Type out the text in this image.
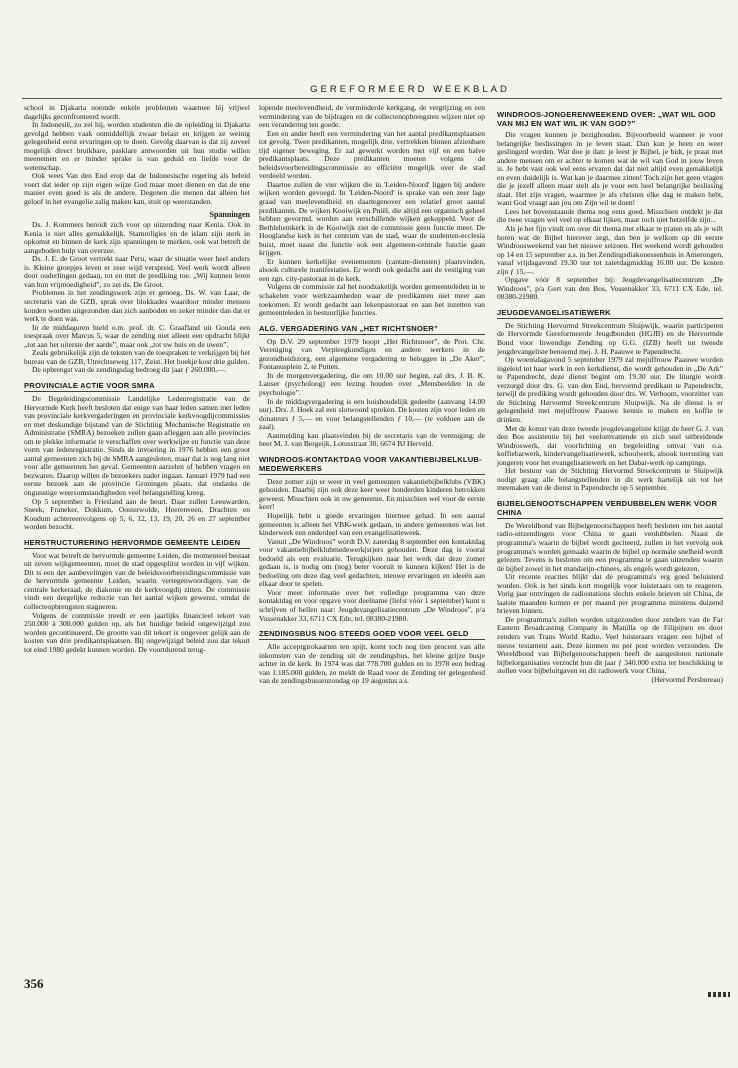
GEREFORMEERD WEEKBLAD

school in Djakarta noemde enkele problemen waarmee hij vrijwel dagelijks geconfronteerd wordt.

In Indonesië, zo zei hij, worden studenten die de opleiding in Djakarta gevolgd hebben vaak onmiddellijk zwaar belast en krijgen ze weinig gelegenheid eerst ervaringen op te doen. Gevolg daarvan is dat zij zoveel mogelijk direct bruikbare, pasklare antwoorden uit hun studie willen meenemen en er minder sprake is van geduld en liefde voor de wetenschap.

Ook wees Van den End erop dat de Indonesische regering als beleid voert dat ieder op zijn eigen wijze God maar moet dienen en dat de ene manier even goed is als de andere. Degenen die menen dat alleen het geloof in het evangelie zalig maken kan, stuit op weerstanden.

Spanningen

Ds. J. Kommers bereidt zich voor op uitzending naar Kenia. Ook in Kenia is niet alles gemakkelijk. Stamreligies en de islam zijn sterk in opkomst en binnen de kerk zijn spanningen te merken, ook wat betreft de aangeboden hulp van overzee.

Ds. J. E. de Groot vertrekt naar Peru, waar de situatie weer heel anders is. Kleine groepjes leven er zeer wijd verspreid. Veel werk wordt alleen door ouderlingen gedaan, tot en met de prediking toe. „Wij kunnen leren van hun vrijmoedigheid”, zo zei ds. De Groot.

Problemen in het zendingswerk zijn er genoeg. Ds. W. van Laar, de secretaris van de GZB, sprak over blokkades waardoor minder mensen konden worden uitgezonden dan zich aanboden en zeker minder dan dat er werk te doen was.

In de middaguren hield o.m. prof. dr. C. Graafland uit Gouda een toespraak over Marcus 5, waar de zending niet alleen een opdracht blijkt „tot aan het uiterste der aarde”, maar ook „tot uw huis en de uwen”.

Zeals gebruikelijk zijn de teksten van de toespraken te verkrijgen bij het bureau van de GZB, Utrechtseweg 117, Zeist. Het boekje kost drie gulden.

De opbrengst van de zendingsdag bedroeg dit jaar ƒ 260.000,—.

PROVINCIALE ACTIE VOOR SMRA

De Begeleidingscommissie Landelijke Ledenregistratie van de Hervormde Kerk heeft besloten dat enige van haar leden samen met leden van provinciale kerkvergaderingen en provinciale kerkvoogdijcommissies en met deskundige bijstand van de Stichting Mechanische Registratie en Administratie (SMRA) bezoeken zullen gaan afleggen aan alle provincies om te plekke informatie te verschaffen over werkwijze en functie van deze vorm van ledenregistratie. Sinds de invoering in 1976 hebben een groot aantal gemeenten zich bij de SMRA aangesloten, maar dat is nog lang niet voor alle gemeenten het geval. Gemeenten aarzelen of hebben vragen en bezwaren. Daarop willen de bezoekers nader ingaan. Januari 1979 had een eerste bezoek aan de provincie Groningen plaats, dat ondanks de ongunstige weersomstandigheden veel belangstelling kreeg.

Op 5 september is Friesland aan de beurt. Daar zullen Leeuwarden, Sneek, Franeker, Dokkum, Oosterwolde, Heerenveen, Drachten en Koudum achtereenvolgens op 5, 6, 12, 13, 19, 20, 26 en 27 september worden bezocht.

HERSTRUCTURERING HERVORMDE GEMEENTE LEIDEN

Voor wat betreft de hervormde gemeente Leiden, die momenteel bestaat uit zeven wijkgemeenten, moet de stad opgesplitst worden in vijf wijken. Dit is een der aanbevelingen van de beleidsvoorbereidingscommissie van de hervormde gemeente Leiden, waarin vertegenwoordigers van de centrale kerkeraad, de diakonie en de kerkvoogdij zitten. De commissie vindt een dergelijke reductie van het aantal wijken gewenst, omdat de collecteopbrengsten stagneren.

Volgens de commissie treedt er een jaarlijks financieel tekort van 250.000 à 300.000 gulden op, als het huidige beleid ongewijzigd zou worden gecontinueerd. De grootte van dit tekort is ongeveer gelijk aan de kosten van drie predikantsplaatsen. Bij ongewijzigd beleid zou dat tekort tot eind 1980 gedekt kunnen worden. De voortdurend terug-

lopende meelevendheid, de verminderde kerkgang, de vergrijzing en een vermindering van de bijdragen en de collectenopbrengsten wijzen niet op een verandering ten goede.

Een en ander heeft een vermindering van het aantal predikantsplaatsen tot gevolg. Twee predikanten, mogelijk drie, vertrekken binnen afzienbare tijd eigener beweging. Er zal gewerkt worden met vijf en een halve predikantsplaats. Deze predikanten moeten volgens de beleidsvoorbereidingscommissie zo efficiënt mogelijk over de stad verdeeld worden.

Daartoe zullen de vier wijken die in 'Leiden-Noord' liggen bij andere wijken worden gevoegd. In 'Leiden-Noord' is sprake van een zeer lage graad van meelevendheid en daartegenover een relatief groot aantal predikanten. De wijken Kooiwijk en Pniël, die altijd een organisch geheel hebben gevormd, worden aan verschillende wijken gekoppeld. Voor de Bethlehemkerk in de Kooiwijk ziet de commissie geen functie meer. De Hooglandse kerk in het centrum van de stad, waar de studenten-ecclesia huist, moet naast die functie ook een algemeen-centrale functie gaan krijgen.

Er kunnen kerkelijke evenementen (cantate-diensten) plaatsvinden, alsook culturele manifestaties. Er wordt ook gedacht aan de vestiging van een zgn. city-pastoraat in de kerk.

Volgens de commissie zal het noodzakelijk worden gemeenteleden in te schakelen voor werkzaamheden waar de predikanten niet meer aan toekomen. Er wordt gedacht aan lekenpastoraat en aan het inzetten van gemeenteleden in bestuurlijke functies.

ALG. VERGADERING VAN „HET RICHTSNOER”

Op D.V. 29 september 1979 hoopt „Het Richtsnoer”, de Prot. Chr. Vereniging van Verpleegkundigen en andere werkers in de gezondheidszorg, een algemene vergadering te beleggen in „De Aker”, Fontanusplein 2, te Putten.

In de morgenvergadering, die om 10.00 uur begint, zal drs. J. B. K. Lanser (psycholoog) een lezing houden over „Mensbeelden in de psychologie”.

In de middagvergadering is een huishoudelijk gedeelte (aanvang 14.00 uur). Drs. J. Hoek zal een slotwoord spreken. De kosten zijn voor leden en donateurs ƒ 5,— en voor belangstellenden ƒ 10,— (te voldoen aan de zaal).

Aanmelding kan plaatsvinden bij de secretaris van de vereniging: de heer M. J. van Bergeijk, Lotusstraat 30, 6674 BJ Herveld.

WINDROOS-KONTAKTDAG VOOR VAKANTIEBIJBELKLUB-MEDEWERKERS

Deze zomer zijn er weer in veel gemeenten vakantiebijbelklubs (VBK) gehouden. Daarbij zijn ook deze keer weer honderden kinderen betrokken geweest. Misschien ook in uw gemeente. En misschien wel voor de eerste keer!

Hopelijk hebt u goede ervaringen hiermee gehad. In een aantal gemeenten is alleen het VBK-werk gedaan, in andere gemeenten was het kinderwerk een onderdeel van een evangelisatieweek.

Vanuit „De Windroos” wordt D.V. zaterdag 8 september een kontaktdag voor vakantiebijbelklubmedewerk(st)ers gehouden. Deze dag is vooral bedoeld als een evaluatie. Terugkijken naar het werk dat deze zomer gedaan is, is nodig om (nog) beter vooruit te kunnen kijken! Het is de bedoeling om deze dag veel gedachten, nieuwe ervaringen en ideeën aan elkaar door te spelen.

Voor meer informatie over het volledige programma van deze kontaktdag en voor opgave voor deelname (liefst vóór 1 september) kunt u schrijven of bellen naar: Jeugdevangelisatiecentrum „De Windroos”, p/a Vossenakker 33, 6711 CX Ede, tel. 08380-21980.

ZENDINGSBUS NOG STEEDS GOED VOOR VEEL GELD

Alle acceptgirokaarten ten spijt, komt toch nog tien procent van alle inkomsten van de zending uit de zendingsbus, het kleine grijze busje achter in de kerk. In 1974 was dat 778.700 gulden en in 1978 een bedrag van 1.185.000 gulden, zo meldt de Raad voor de Zending ter gelegenheid van de zendingsbussenzondag op 19 augustus a.s.

WINDROOS-JONGERENWEEKEND OVER: „WAT WIL GOD VAN MIJ EN WAT WIL IK VAN GOD?”

Die vragen kunnen je bezighouden. Bijvoorbeeld wanneer je voor belangrijke beslissingen in je leven staat. Dan kun je heen en weer geslingerd worden. Wat doe je dan: je leest je Bijbel, je bidt, je praat met andere mensen om er achter te komen wat de wil van God in jouw leven is. Je hebt vast ook wel eens ervaren dat dat niet altijd even gemakkelijk en even duidelijk is. Wat kan je daarmee zitten! Toch zijn het geen vragen die je jezelf alleen maar stelt als je voor een heel belangrijke beslissing staat. Het zijn vragen, waarmee je als christen elke dag te maken hebt, want God vraagt aan jou om Zijn wil te doen!

Lees het bovenstaande thema nog eens goed. Misschien ontdekt je dat die twee vragen wel veel op elkaar lijken, maar toch niet hetzelfde zijn...

Als je het fijn vindt om over dit thema met elkaar te praten en als je wilt horen wat de Bijbel hierover zegt, dan ben je welkom op dit eerste Windroosweekend van het nieuwe seizoen. Het weekend wordt gehouden op 14 en 15 september a.s. in het Zendingsdiakonessenhuis in Amerongen, vanaf vrijdagavond 19.30 uur tot zaterdagmiddag 16.00 uur. De kosten zijn ƒ 15,—.

Opgave vóór 8 september bij: Jeugdevangelisatiecentrum „De Windroos”, p/a Gert van den Bos, Vossenakker 33, 6711 CX Ede, tel. 08380-21980.

JEUGDEVANGELISATIEWERK

De Stichting Hervormd Streekcentrum Sluipwijk, waarin participeren de Hervormde Gereformeerde Jeugdbonden (HGJB) en de Hervormde Bond voor Inwendige Zending op G.G. (IZB) heeft tot tweede jeugdevangeliste benoemd mej. J. H. Paauwe te Papendrecht.

Op woensdagavond 5 september 1979 zal mejuffrouw Paauwe worden ingeleid tot haar werk in een kerkdienst, die wordt gehouden in „De Ark” te Papendrecht, deze dienst begint om 19.30 uur. De liturgie wordt verzorgd door drs. G. van den End, hervormd predikant te Papendrecht, terwijl de prediking wordt gehouden door drs. W. Verboom, voorzitter van de Stichting Hervormd Streekcentrum Sluipwijk. Na de dienst is er gelegenheid met mejuffrouw Paauwe kennis te maken en koffie te drinken.

Met de komst van deze tweede jeugdevangeliste krijgt de heer G. J. van den Bos assistentie bij het veelomvattende en zich snel uitbreidende Windroswerk, dat voorlichting en begeleiding omvat van o.a. koffiebarwerk, kindervangelisatiewerk, schoolwerk, alsook toerusting van jongeren voor het evangelisatiewerk en het Dabar-werk op campings.

Het bestuur van de Stichting Hervormd Streekcentrum te Sluipwijk nodigt graag alle belangstellenden in dit werk hartelijk uit tot het meemaken van de dienst in Papendrecht op 5 september.

BIJBELGENOOTSCHAPPEN VERDUBBELEN WERK VOOR CHINA

De Wereldbond van Bijbelgenootschappen heeft besloten om het aantal radio-uitzendingen voor China te gaan verdubbelen. Naast de programma's waarin de bijbel wordt geciteerd, zullen in het vervolg ook programma's worden gemaakt waarin de bijbel op normale snelheid wordt gelezen. Tevens is besloten om een programma te gaan uitzenden waarin de bijbel zowel in het mandarijn-chinees, als engels wordt gelezen.

Uit recente reacties blijkt dat de programma's erg goed beluisterd worden. Ook is het sinds kort mogelijk voor luisteraars om te reageren. Vorig jaar ontvingen de radiostations slechts enkele brieven uit China, de laatste maanden komen er per maand per programma minstens duizend brieven binnen.

De programma's zullen worden uitgezonden door zenders van de Far Eastern Broadcasting Company in Manilla op de Filipijnen en door zenders van Trans World Radio. Veel luisteraars vragen een bijbel of nieuw testament aan. Deze kunnen nu per post worden verzonden. De Wereldbond van Bijbelgenootschappen heeft de aangesloten nationale bijbelorganisaties verzocht hun dit jaar ƒ 340.000 extra ter beschikking te stellen voor bijbeluitgaven en dit radiowerk voor China.

(Hervormd Persbureau)

356
